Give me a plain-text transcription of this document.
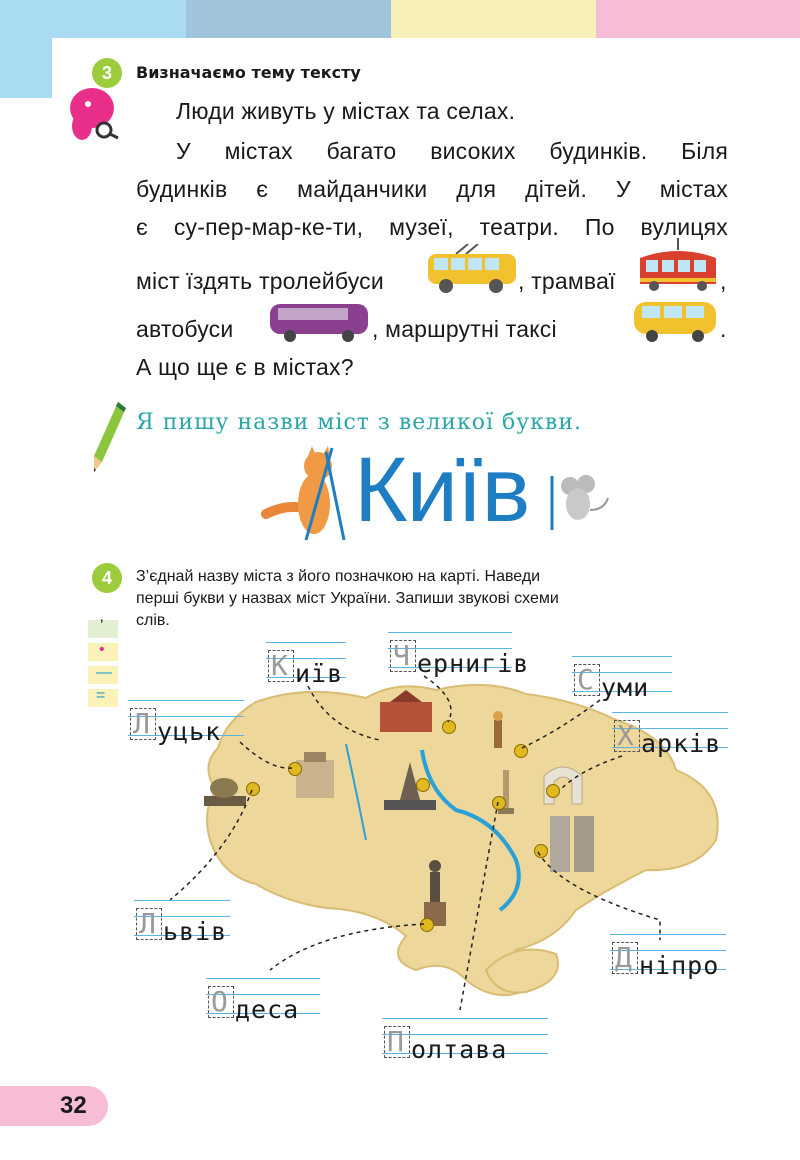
3	Визначаємо тему тексту
Люди живуть у містах та селах.
У містах багато високих будинків. Біля
будинків є майданчики для дітей. У містах
є су-пер-мар-ке-ти, музеї, театри. По вулицях
міст їздять тролейбуси	, трамваї	,
автобуси	, маршрутні таксі	.
А що ще є в містах?
Я пишу назви міст з великої букви.
Київ
4	З’єднай назву міста з його позначкою на карті. Наведи
перші букви у назвах міст України. Запиши звукові схеми
слів.
ʼ
•
—
=
иїв	ернигів
уми
уцьк	арків
ьвів
ніпро
деса
олтава
32
